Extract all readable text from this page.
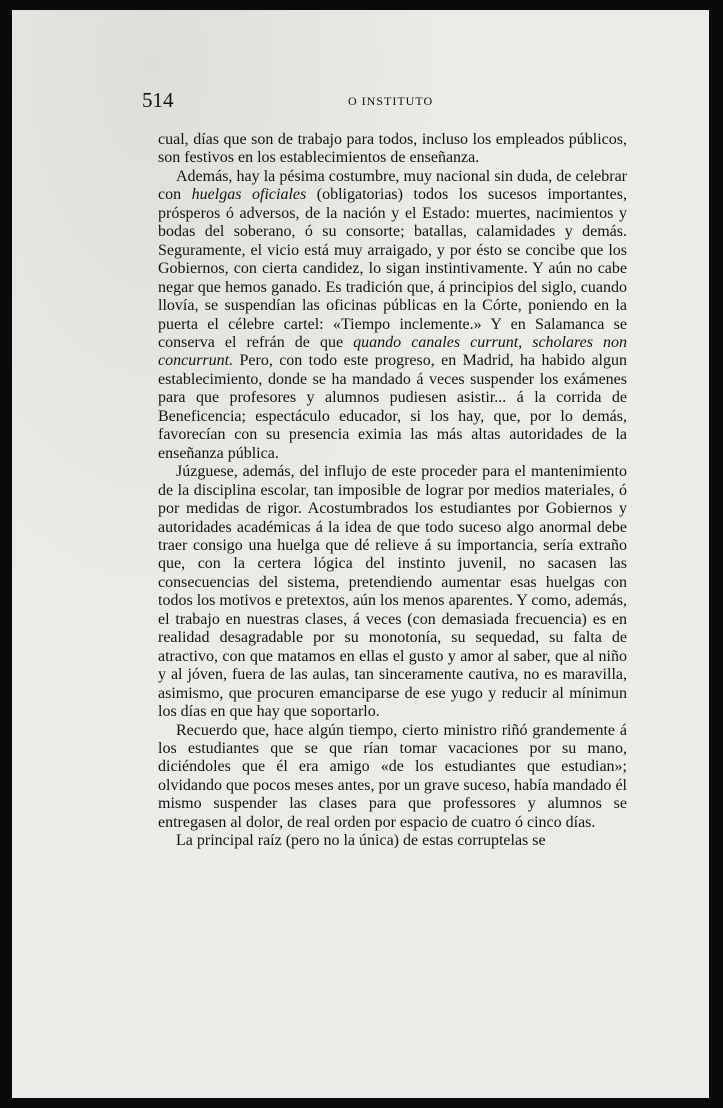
514	O INSTITUTO

cual, días que son de trabajo para todos, incluso los empleados públicos, son festivos en los establecimientos de enseñanza.

Además, hay la pésima costumbre, muy nacional sin duda, de celebrar con huelgas oficiales (obligatorias) todos los sucesos importantes, prósperos ó adversos, de la nación y el Estado: muertes, nacimientos y bodas del soberano, ó su consorte; batallas, calamidades y demás. Seguramente, el vicio está muy arraigado, y por ésto se concibe que los Gobiernos, con cierta candidez, lo sigan instintivamente. Y aún no cabe negar que hemos ganado. Es tradición que, á principios del siglo, cuando llovía, se suspendían las oficinas públicas en la Córte, poniendo en la puerta el célebre cartel: «Tiempo inclemente.» Y en Salamanca se conserva el refrán de que quando canales currunt, scholares non concurrunt. Pero, con todo este progreso, en Madrid, ha habido algun establecimiento, donde se ha mandado á veces suspender los exámenes para que profesores y alumnos pudiesen asistir... á la corrida de Beneficencia; espectáculo educador, si los hay, que, por lo demás, favorecían con su presencia eximia las más altas autoridades de la enseñanza pública.

Júzguese, además, del influjo de este proceder para el mantenimiento de la disciplina escolar, tan imposible de lograr por medios materiales, ó por medidas de rigor. Acostumbrados los estudiantes por Gobiernos y autoridades académicas á la idea de que todo suceso algo anormal debe traer consigo una huelga que dé relieve á su importancia, sería extraño que, con la certera lógica del instinto juvenil, no sacasen las consecuencias del sistema, pretendiendo aumentar esas huelgas con todos los motivos e pretextos, aún los menos aparentes. Y como, además, el trabajo en nuestras clases, á veces (con demasiada frecuencia) es en realidad desagradable por su monotonía, su sequedad, su falta de atractivo, con que matamos en ellas el gusto y amor al saber, que al niño y al jóven, fuera de las aulas, tan sinceramente cautiva, no es maravilla, asimismo, que procuren emanciparse de ese yugo y reducir al mínimun los días en que hay que soportarlo.

Recuerdo que, hace algún tiempo, cierto ministro riñó grandemente á los estudiantes que se que rían tomar vacaciones por su mano, diciéndoles que él era amigo «de los estudiantes que estudian»; olvidando que pocos meses antes, por un grave suceso, había mandado él mismo suspender las clases para que professores y alumnos se entregasen al dolor, de real orden por espacio de cuatro ó cinco días.

La principal raíz (pero no la única) de estas corruptelas se
